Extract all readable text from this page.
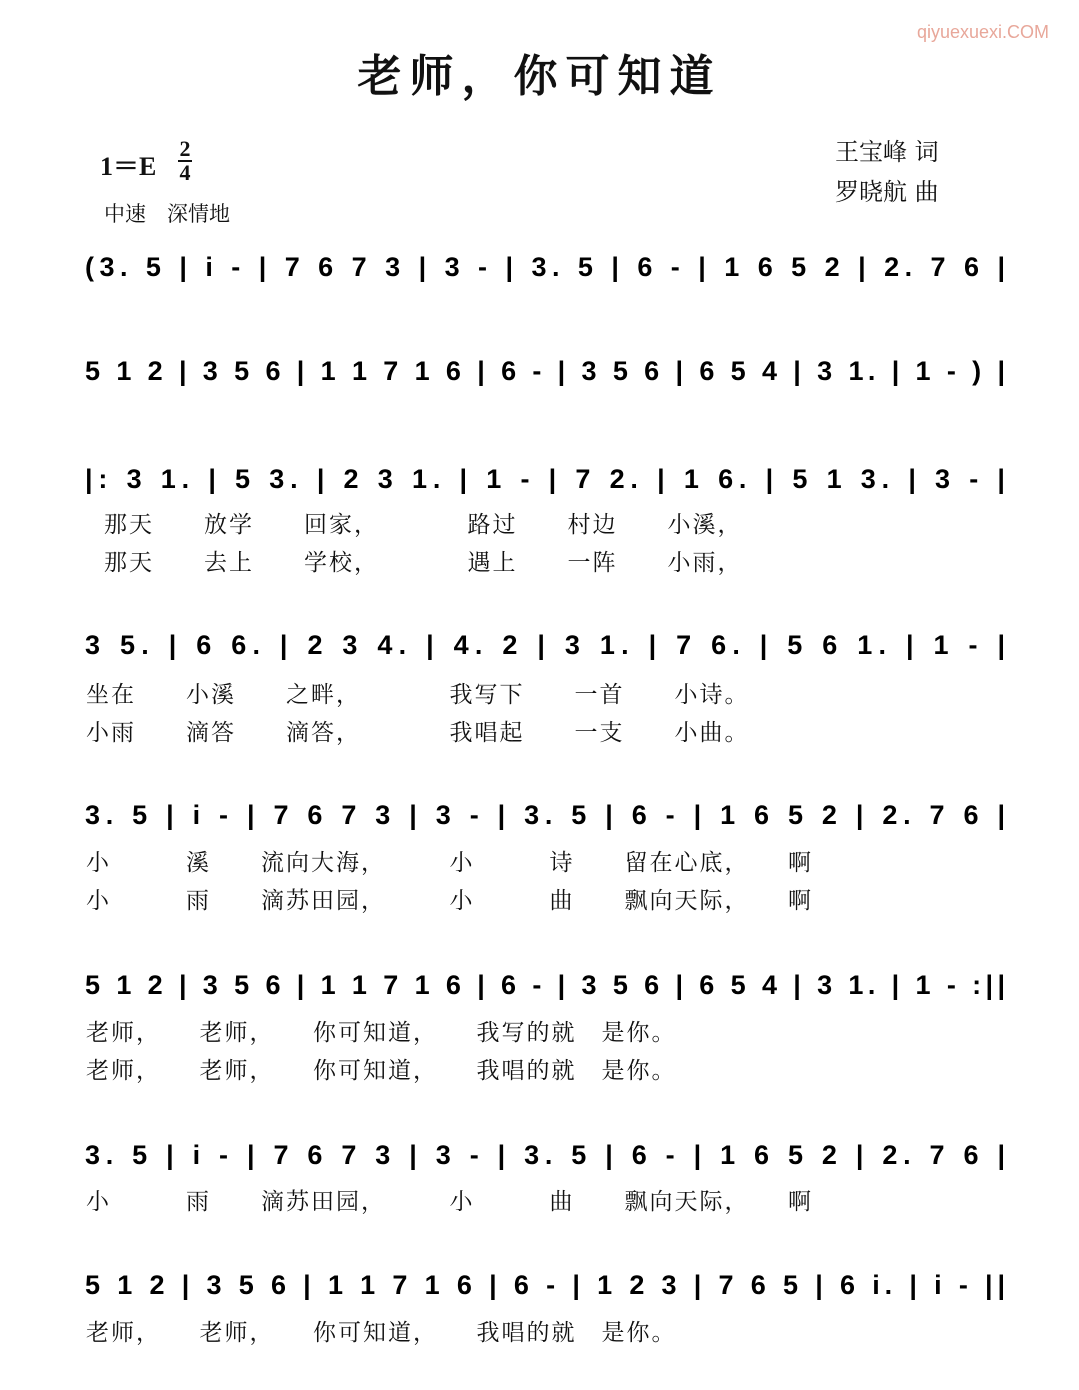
老师，你可知道
qiyuexuexi.COM
1＝E
2
4
中速　深情地
王宝峰 词
罗晓航 曲
(3. 5 | i - | 7 6 7 3 | 3 - | 3. 5 | 6 - | 1 6 5 2 | 2. 7 6 |
5 1 2 | 3 5 6 | 1 1 7 1 6 | 6 - | 3 5 6 | 6 5 4 | 3 1. | 1 - ) |
|: 3 1. | 5 3. | 2 3 1. | 1 - | 7 2. | 1 6. | 5 1 3. | 3 - |
那天　　放学　　回家，　　　　路过　　村边　　小溪，
那天　　去上　　学校，　　　　遇上　　一阵　　小雨，
3 5. | 6 6. | 2 3 4. | 4. 2 | 3 1. | 7 6. | 5 6 1. | 1 - |
坐在　　小溪　　之畔，　　　　我写下　　一首　　小诗。
小雨　　滴答　　滴答，　　　　我唱起　　一支　　小曲。
3. 5 | i - | 7 6 7 3 | 3 - | 3. 5 | 6 - | 1 6 5 2 | 2. 7 6 |
小　　　溪　　流向大海，　　　小　　　诗　　留在心底，　　啊
小　　　雨　　滴苏田园，　　　小　　　曲　　飘向天际，　　啊
5 1 2 | 3 5 6 | 1 1 7 1 6 | 6 - | 3 5 6 | 6 5 4 | 3 1. | 1 - :||
老师，　　老师，　　你可知道，　　我写的就　是你。
老师，　　老师，　　你可知道，　　我唱的就　是你。
3. 5 | i - | 7 6 7 3 | 3 - | 3. 5 | 6 - | 1 6 5 2 | 2. 7 6 |
小　　　雨　　滴苏田园，　　　小　　　曲　　飘向天际，　　啊
5 1 2 | 3 5 6 | 1 1 7 1 6 | 6 - | 1 2 3 | 7 6 5 | 6 i. | i - ||
老师，　　老师，　　你可知道，　　我唱的就　是你。
